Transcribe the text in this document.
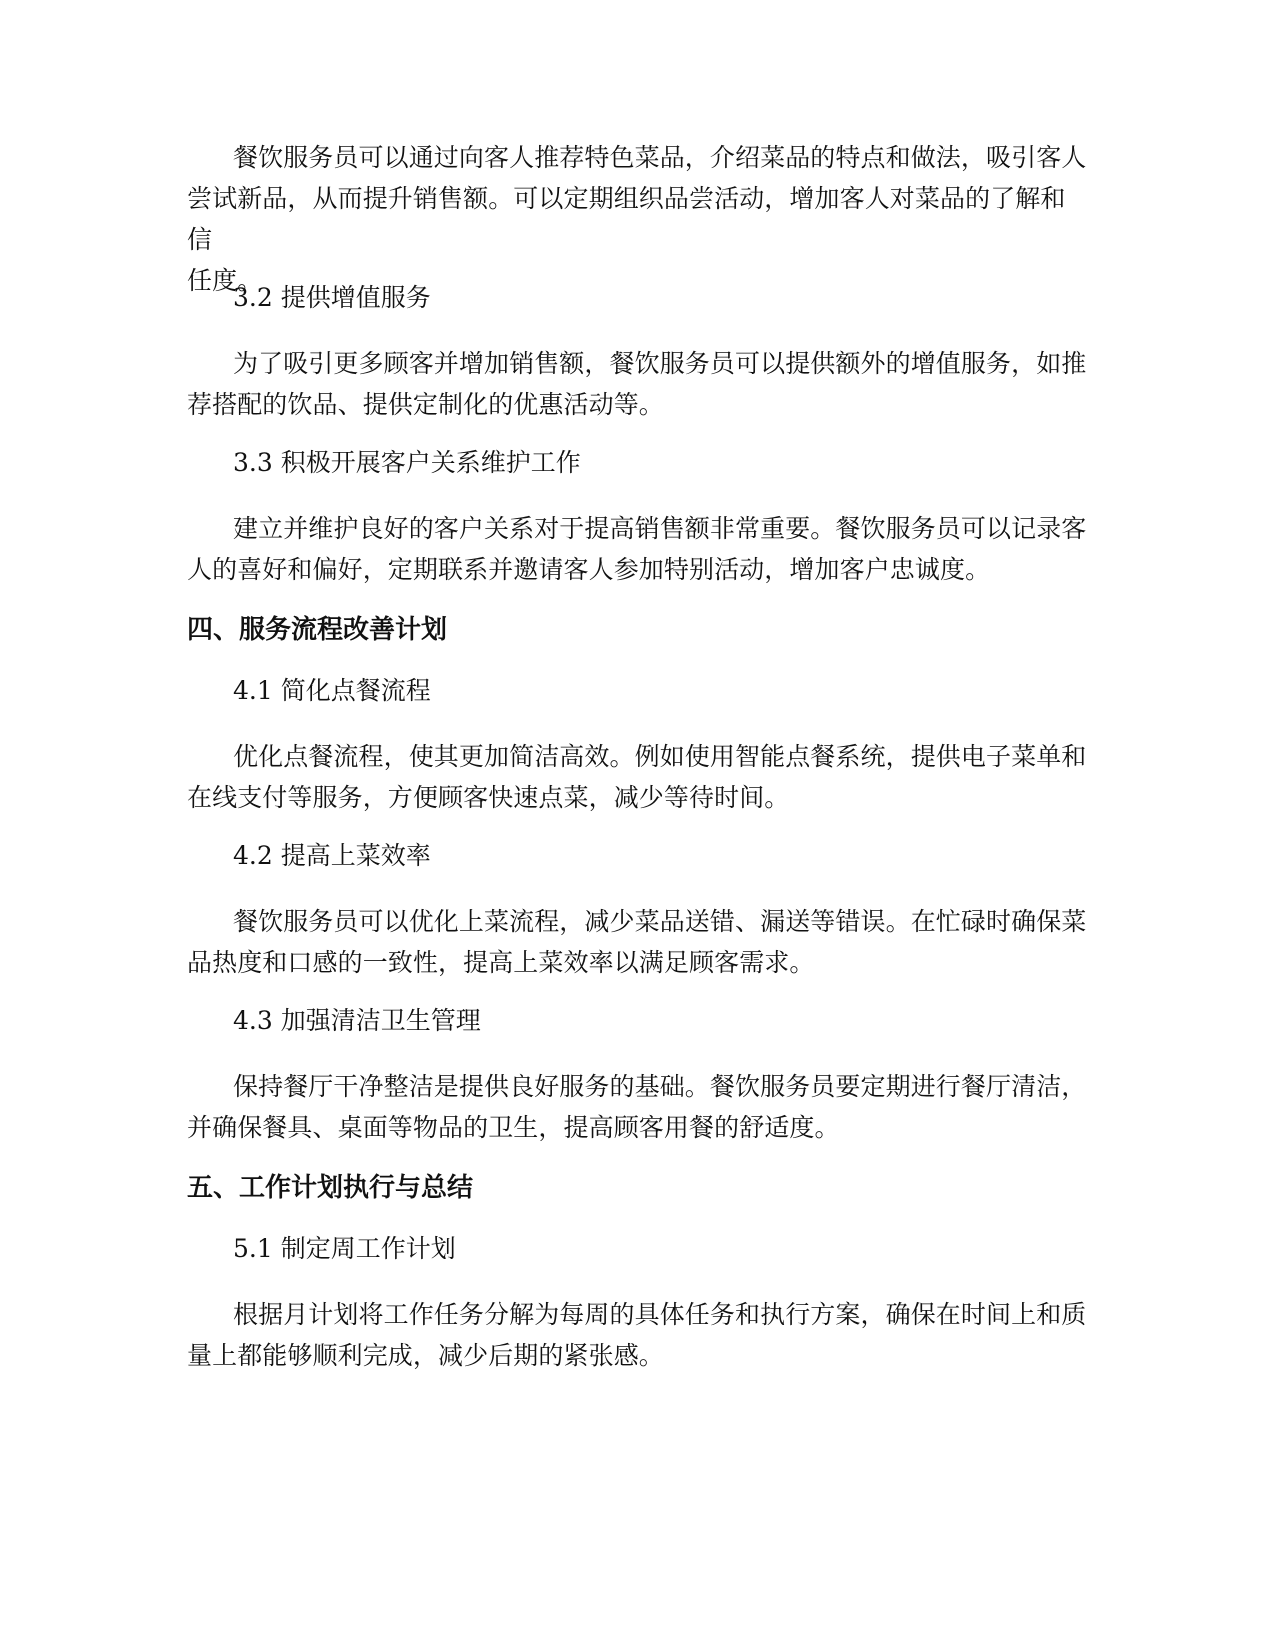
餐饮服务员可以通过向客人推荐特色菜品，介绍菜品的特点和做法，吸引客人
尝试新品，从而提升销售额。可以定期组织品尝活动，增加客人对菜品的了解和信
任度。

3.2 提供增值服务

为了吸引更多顾客并增加销售额，餐饮服务员可以提供额外的增值服务，如推
荐搭配的饮品、提供定制化的优惠活动等。

3.3 积极开展客户关系维护工作

建立并维护良好的客户关系对于提高销售额非常重要。餐饮服务员可以记录客
人的喜好和偏好，定期联系并邀请客人参加特别活动，增加客户忠诚度。

四、服务流程改善计划

4.1 简化点餐流程

优化点餐流程，使其更加简洁高效。例如使用智能点餐系统，提供电子菜单和
在线支付等服务，方便顾客快速点菜，减少等待时间。

4.2 提高上菜效率

餐饮服务员可以优化上菜流程，减少菜品送错、漏送等错误。在忙碌时确保菜
品热度和口感的一致性，提高上菜效率以满足顾客需求。

4.3 加强清洁卫生管理

保持餐厅干净整洁是提供良好服务的基础。餐饮服务员要定期进行餐厅清洁，
并确保餐具、桌面等物品的卫生，提高顾客用餐的舒适度。

五、工作计划执行与总结

5.1 制定周工作计划

根据月计划将工作任务分解为每周的具体任务和执行方案，确保在时间上和质
量上都能够顺利完成，减少后期的紧张感。
